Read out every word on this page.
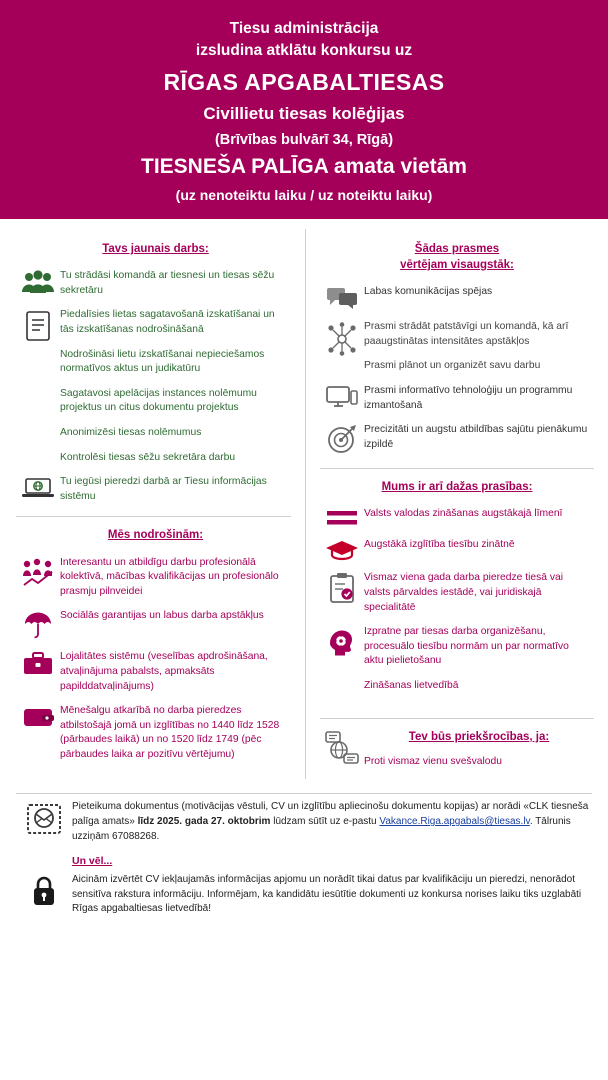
Tiesu administrācija
izsludina atklātu konkursu uz
RĪGAS APGABALTIESAS
Civillietu tiesas kolēģijas
(Brīvības bulvārī 34, Rīgā)
TIESNEŠA PALĪGA amata vietām
(uz nenoteiktu laiku / uz noteiktu laiku)
Tavs jaunais darbs:
Tu strādāsi komandā ar tiesnesi un tiesas sēžu sekretāru

Piedalīsies lietas sagatavošanā izskatīšanai un tās izskatīšanas nodrošināšanā

Nodrošināsi lietu izskatīšanai nepieciešamos normatīvos aktus un judikatūru

Sagatavosi apelācijas instances nolēmumu projektus un citus dokumentu projektus

Anonimizēsi tiesas nolēmumus

Kontrolēsi tiesas sēžu sekretāra darbu

Tu iegūsi pieredzi darbā ar Tiesu informācijas sistēmu
Mēs nodrošinām:
Interesantu un atbildīgu darbu profesionālā kolektīvā, mācības kvalifikācijas un profesionālo prasmju pilnveidei
Sociālās garantijas un labus darba apstākļus
Lojalitātes sistēmu (veselības apdrošināšana, atvaļinājuma pabalsts, apmaksāts papilddatvaļinājums)
Mēnešalgu atkarībā no darba pieredzes atbilstošajā jomā un izglītības no 1440 līdz 1528 (pārbaudes laikā) un no 1520 līdz 1749 (pēc pārbaudes laika ar pozitīvu vērtējumu)
Šādas prasmes
vērtējam visaugstāk:
Labas komunikācijas spējas

Prasmi strādāt patstāvīgi un komandā, kā arī paaugstinātas intensitātes apstākļos

Prasmi plānot un organizēt savu darbu

Prasmi informatīvo tehnoloģiju un programmu izmantošanā
Precizitāti un augstu atbildības sajūtu pienākumu izpildē
Mums ir arī dažas prasības:
Valsts valodas zināšanas augstākajā līmenī
Augstākā izglītība tiesību zinātnē
Vismaz viena gada darba pieredze tiesā vai valsts pārvaldes iestādē, vai juridiskajā specialitātē

Izpratne par tiesas darba organizēšanu, procesuālo tiesību normām un par normatīvo aktu pielietošanu

Zināšanas lietvedībā

Tev būs priekšrocības, ja:
Proti vismaz vienu svešvalodu
Pieteikuma dokumentus (motivācijas vēstuli, CV un izglītību apliecinošu dokumentu kopijas) ar norādi «CLK tiesneša palīga amats» līdz 2025. gada 27. oktobrim lūdzam sūtīt uz e-pastu Vakance.Riga.apgabals@tiesas.lv. Tālrunis uzziņām 67088268.
Un vēl...
Aicinām izvērtēt CV iekļaujamās informācijas apjomu un norādīt tikai datus par kvalifikāciju un pieredzi, nenorādot sensitīva rakstura informāciju. Informējam, ka kandidātu iesūtītie dokumenti uz konkursa norises laiku tiks uzglabāti Rīgas apgabaltiesas lietvedībā!
